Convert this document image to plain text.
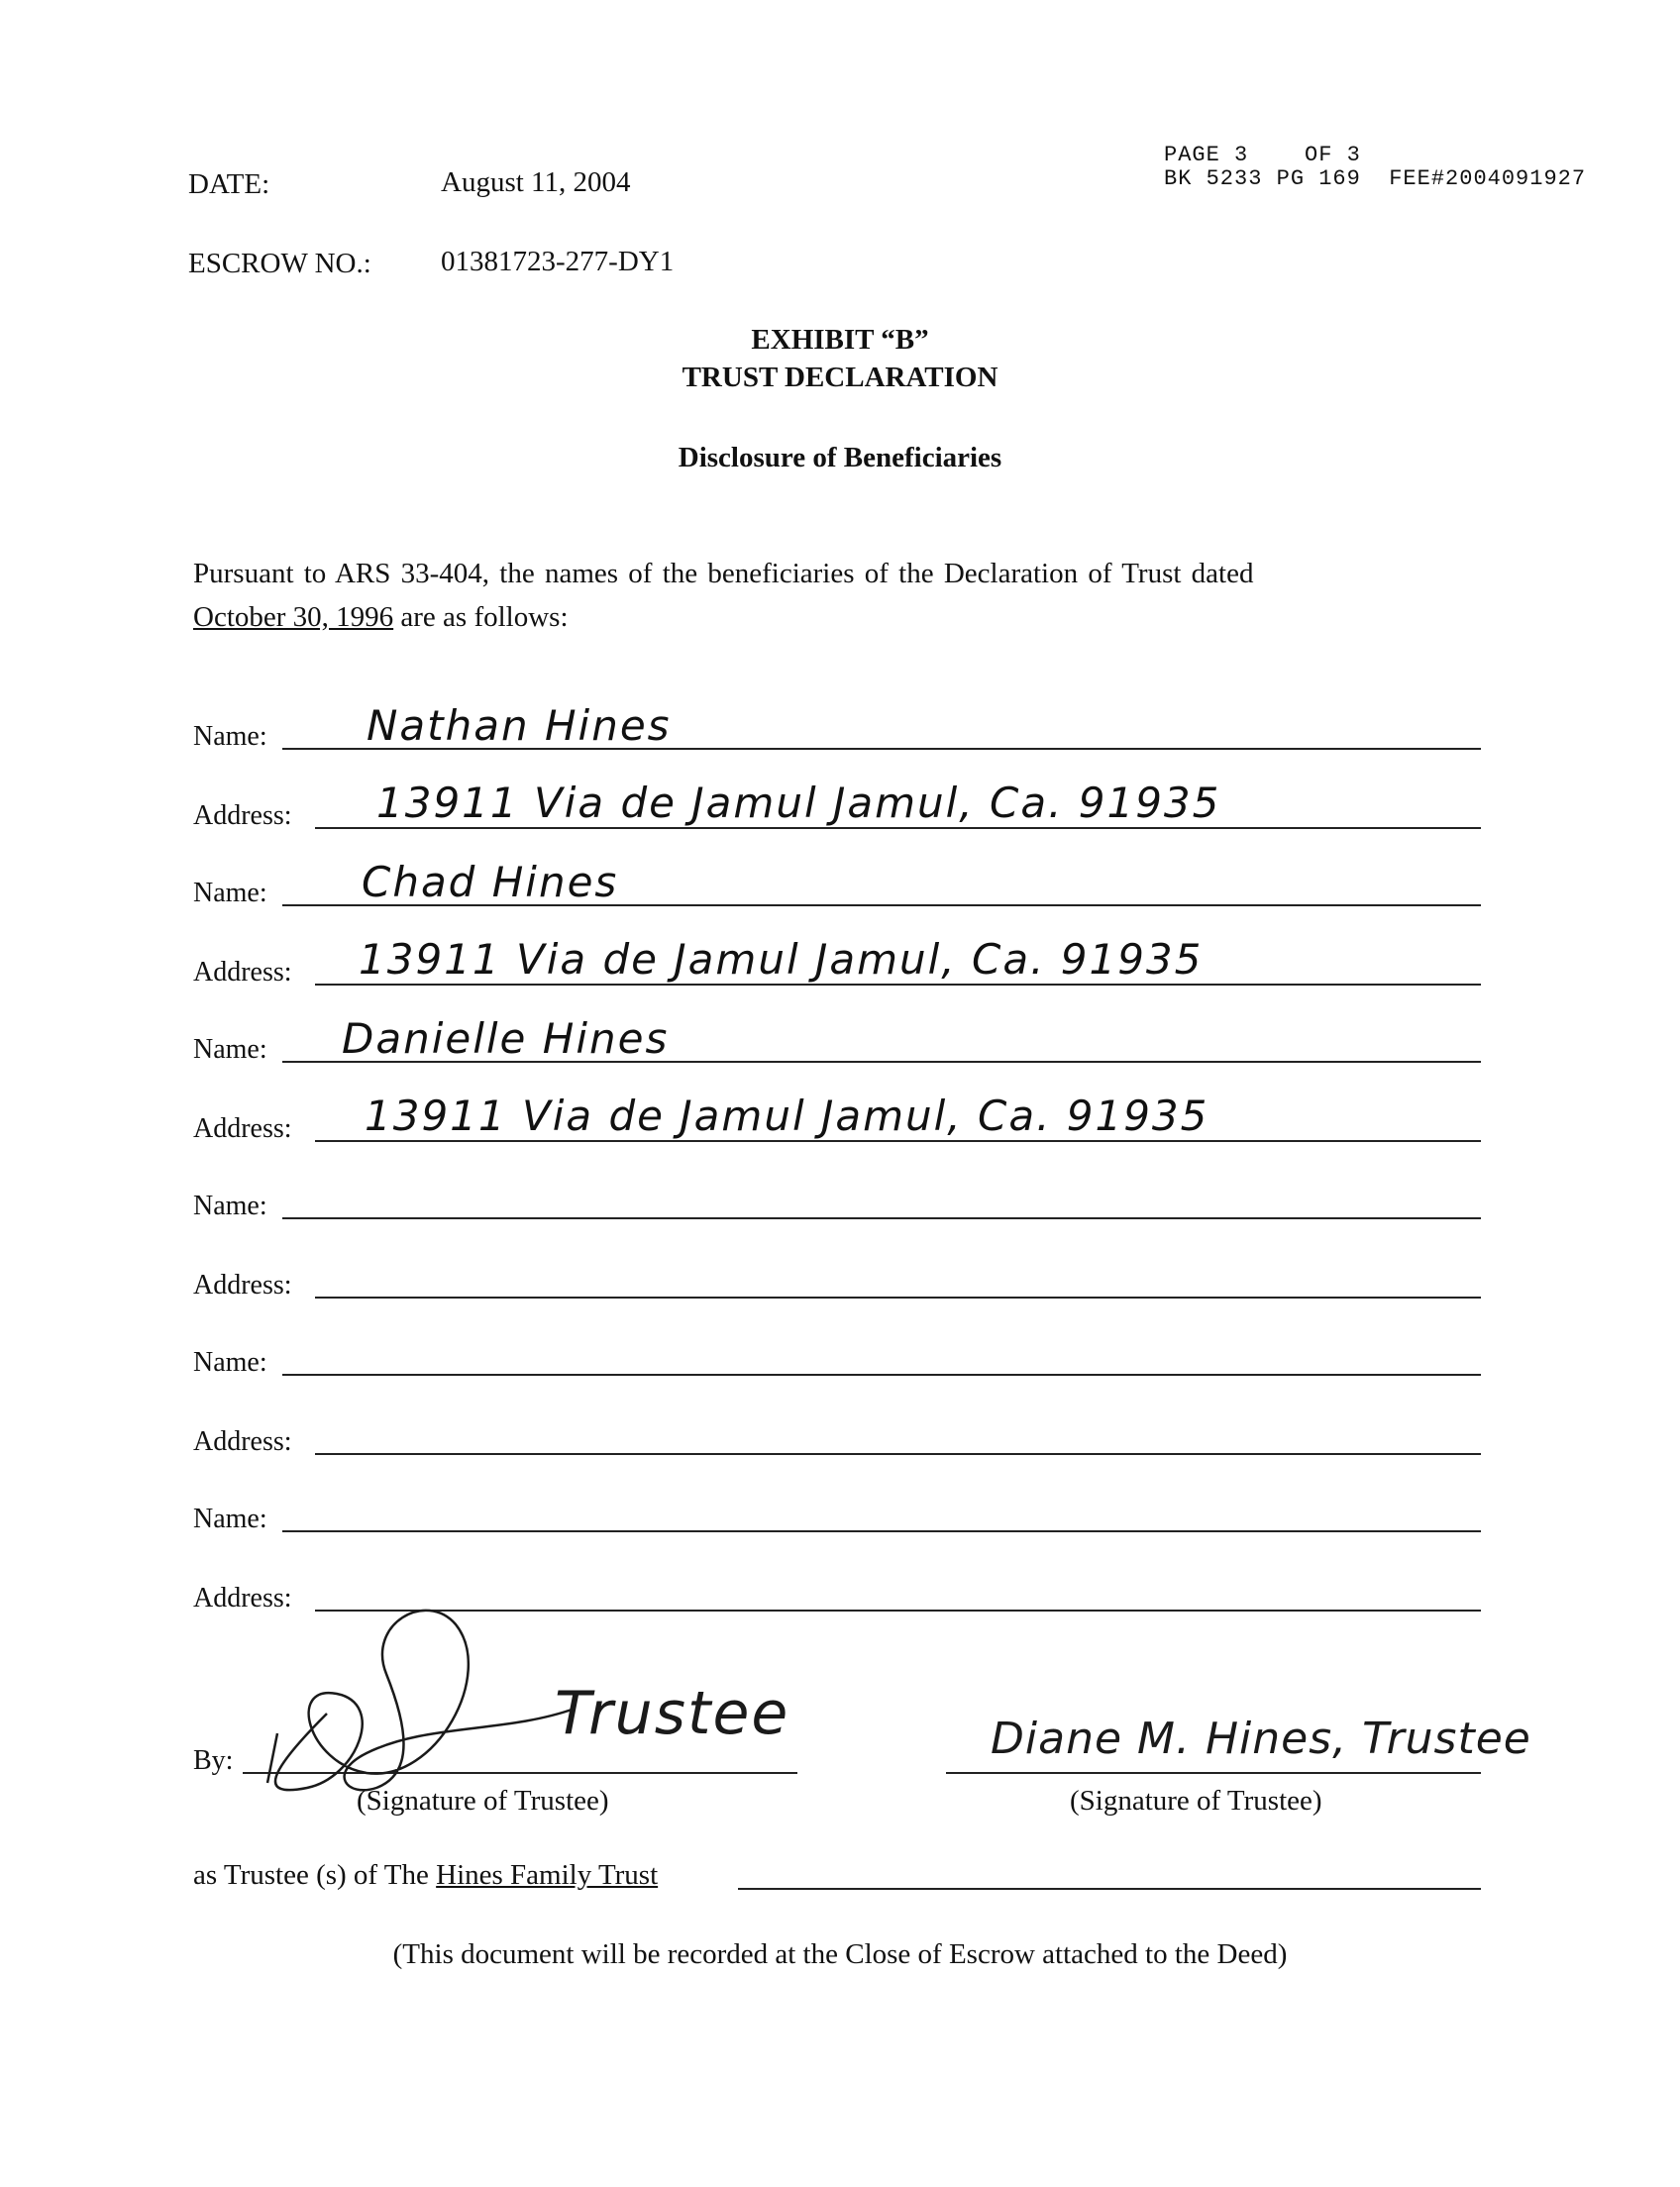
PAGE 3    OF 3
BK 5233 PG 169  FEE#2004091927
DATE:	August 11, 2004
ESCROW NO.: 01381723-277-DY1
EXHIBIT “B”
TRUST DECLARATION
Disclosure of Beneficiaries
Pursuant to ARS 33-404, the names of the beneficiaries of the Declaration of Trust dated
October 30, 1996 are as follows:
Name: Nathan Hines
Address: 13911 Via de Jamul Jamul, Ca. 91935
Name: Chad Hines
Address: 13911 Via de Jamul Jamul, Ca. 91935
Name: Danielle Hines
Address: 13911 Via de Jamul Jamul, Ca. 91935
Name:
Address:
Name:
Address:
Name:
Address:
By:
Trustee	Diane M. Hines, Trustee
(Signature of Trustee)	(Signature of Trustee)
as Trustee (s) of The Hines Family Trust
(This document will be recorded at the Close of Escrow attached to the Deed)
